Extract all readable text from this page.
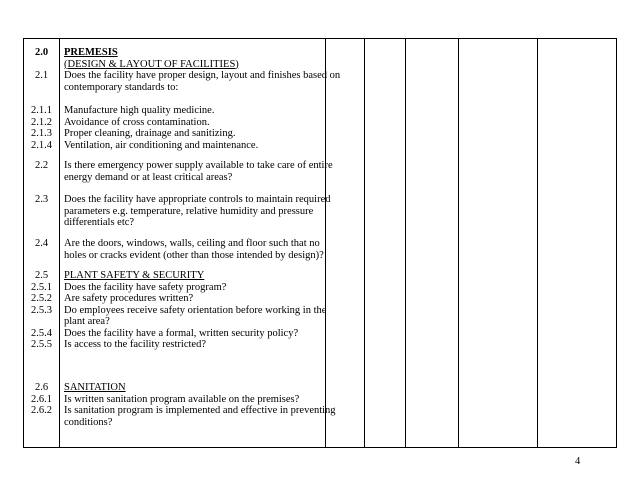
2.0
2.1
2.1.1
2.1.2
2.1.3
2.1.4
2.2
2.3
2.4
2.5
2.5.1
2.5.2
2.5.3
2.5.4
2.5.5
2.6
2.6.1
2.6.2
PREMESIS
(DESIGN & LAYOUT OF FACILITIES)
Does the facility have proper design, layout and finishes based on
contemporary standards to:
Manufacture high quality medicine.
Avoidance of cross contamination.
Proper cleaning, drainage and sanitizing.
Ventilation, air conditioning and maintenance.
Is there emergency power supply available to take care of entire
energy demand or at least critical areas?
Does the facility have appropriate controls to maintain required
parameters e.g. temperature, relative humidity and pressure
differentials etc?
Are the doors, windows, walls, ceiling and floor such that no
holes or cracks evident (other than those intended by design)?
PLANT SAFETY & SECURITY
Does the facility have safety program?
Are safety procedures written?
Do employees receive safety orientation before working in the
plant area?
Does the facility have a formal, written security policy?
Is access to the facility restricted?
SANITATION
Is written sanitation program available on the premises?
Is sanitation program is implemented and effective in preventing
conditions?
4
